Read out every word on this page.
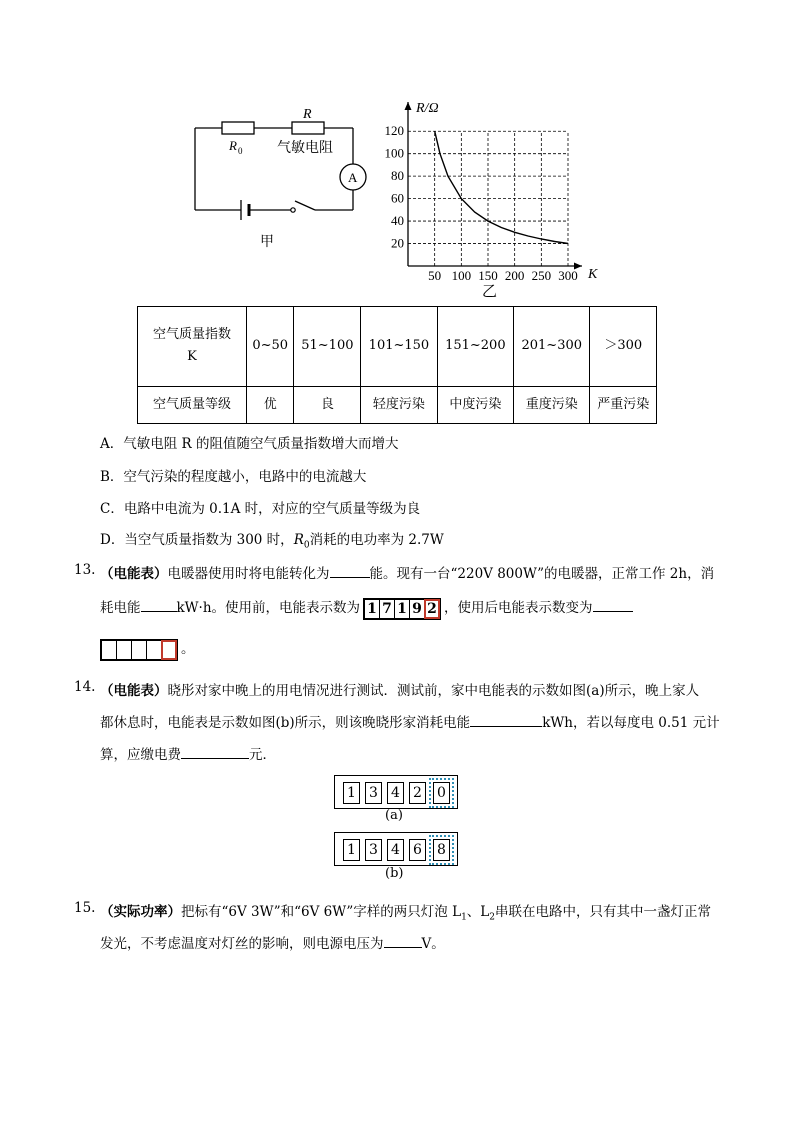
R
R 0 气敏电阻
A
甲
50 100 150 200 250 300
120
100
80
60
40
20
R/Ω
K
乙
空气质量指数
K	0~50	51~100	101~150	151~200	201~300	＞300
空气质量等级	优	良	轻度污染	中度污染	重度污染	严重污染
A．气敏电阻 R 的阻值随空气质量指数增大而增大
B．空气污染的程度越小，电路中的电流越大
C．电路中电流为 0.1A 时，对应的空气质量等级为良
D．当空气质量指数为 300 时，$R_0$消耗的电功率为 2.7W
13. （电能表）电暖器使用时将电能转化为	能。现有一台“220V 800W”的电暖器，正常工作 2h，消
耗电能	kW·h。使用前，电能表示数为 1 7 1 9 2 ，使用后电能表示数变为
。
14. （电能表）晓彤对家中晚上的用电情况进行测试．测试前，家中电能表的示数如图(a)所示，晚上家人
都休息时，电能表是示数如图(b)所示，则该晚晓彤家消耗电能	kWh，若以每度电 0.51 元计
算，应缴电费	元．
1 3 4 2 0
(a)
1 3 4 6 8
(b)
15. （实际功率）把标有“6V 3W”和“6V 6W”字样的两只灯泡 $L_1$、$L_2$串联在电路中，只有其中一盏灯正常
发光，不考虑温度对灯丝的影响，则电源电压为	V。
